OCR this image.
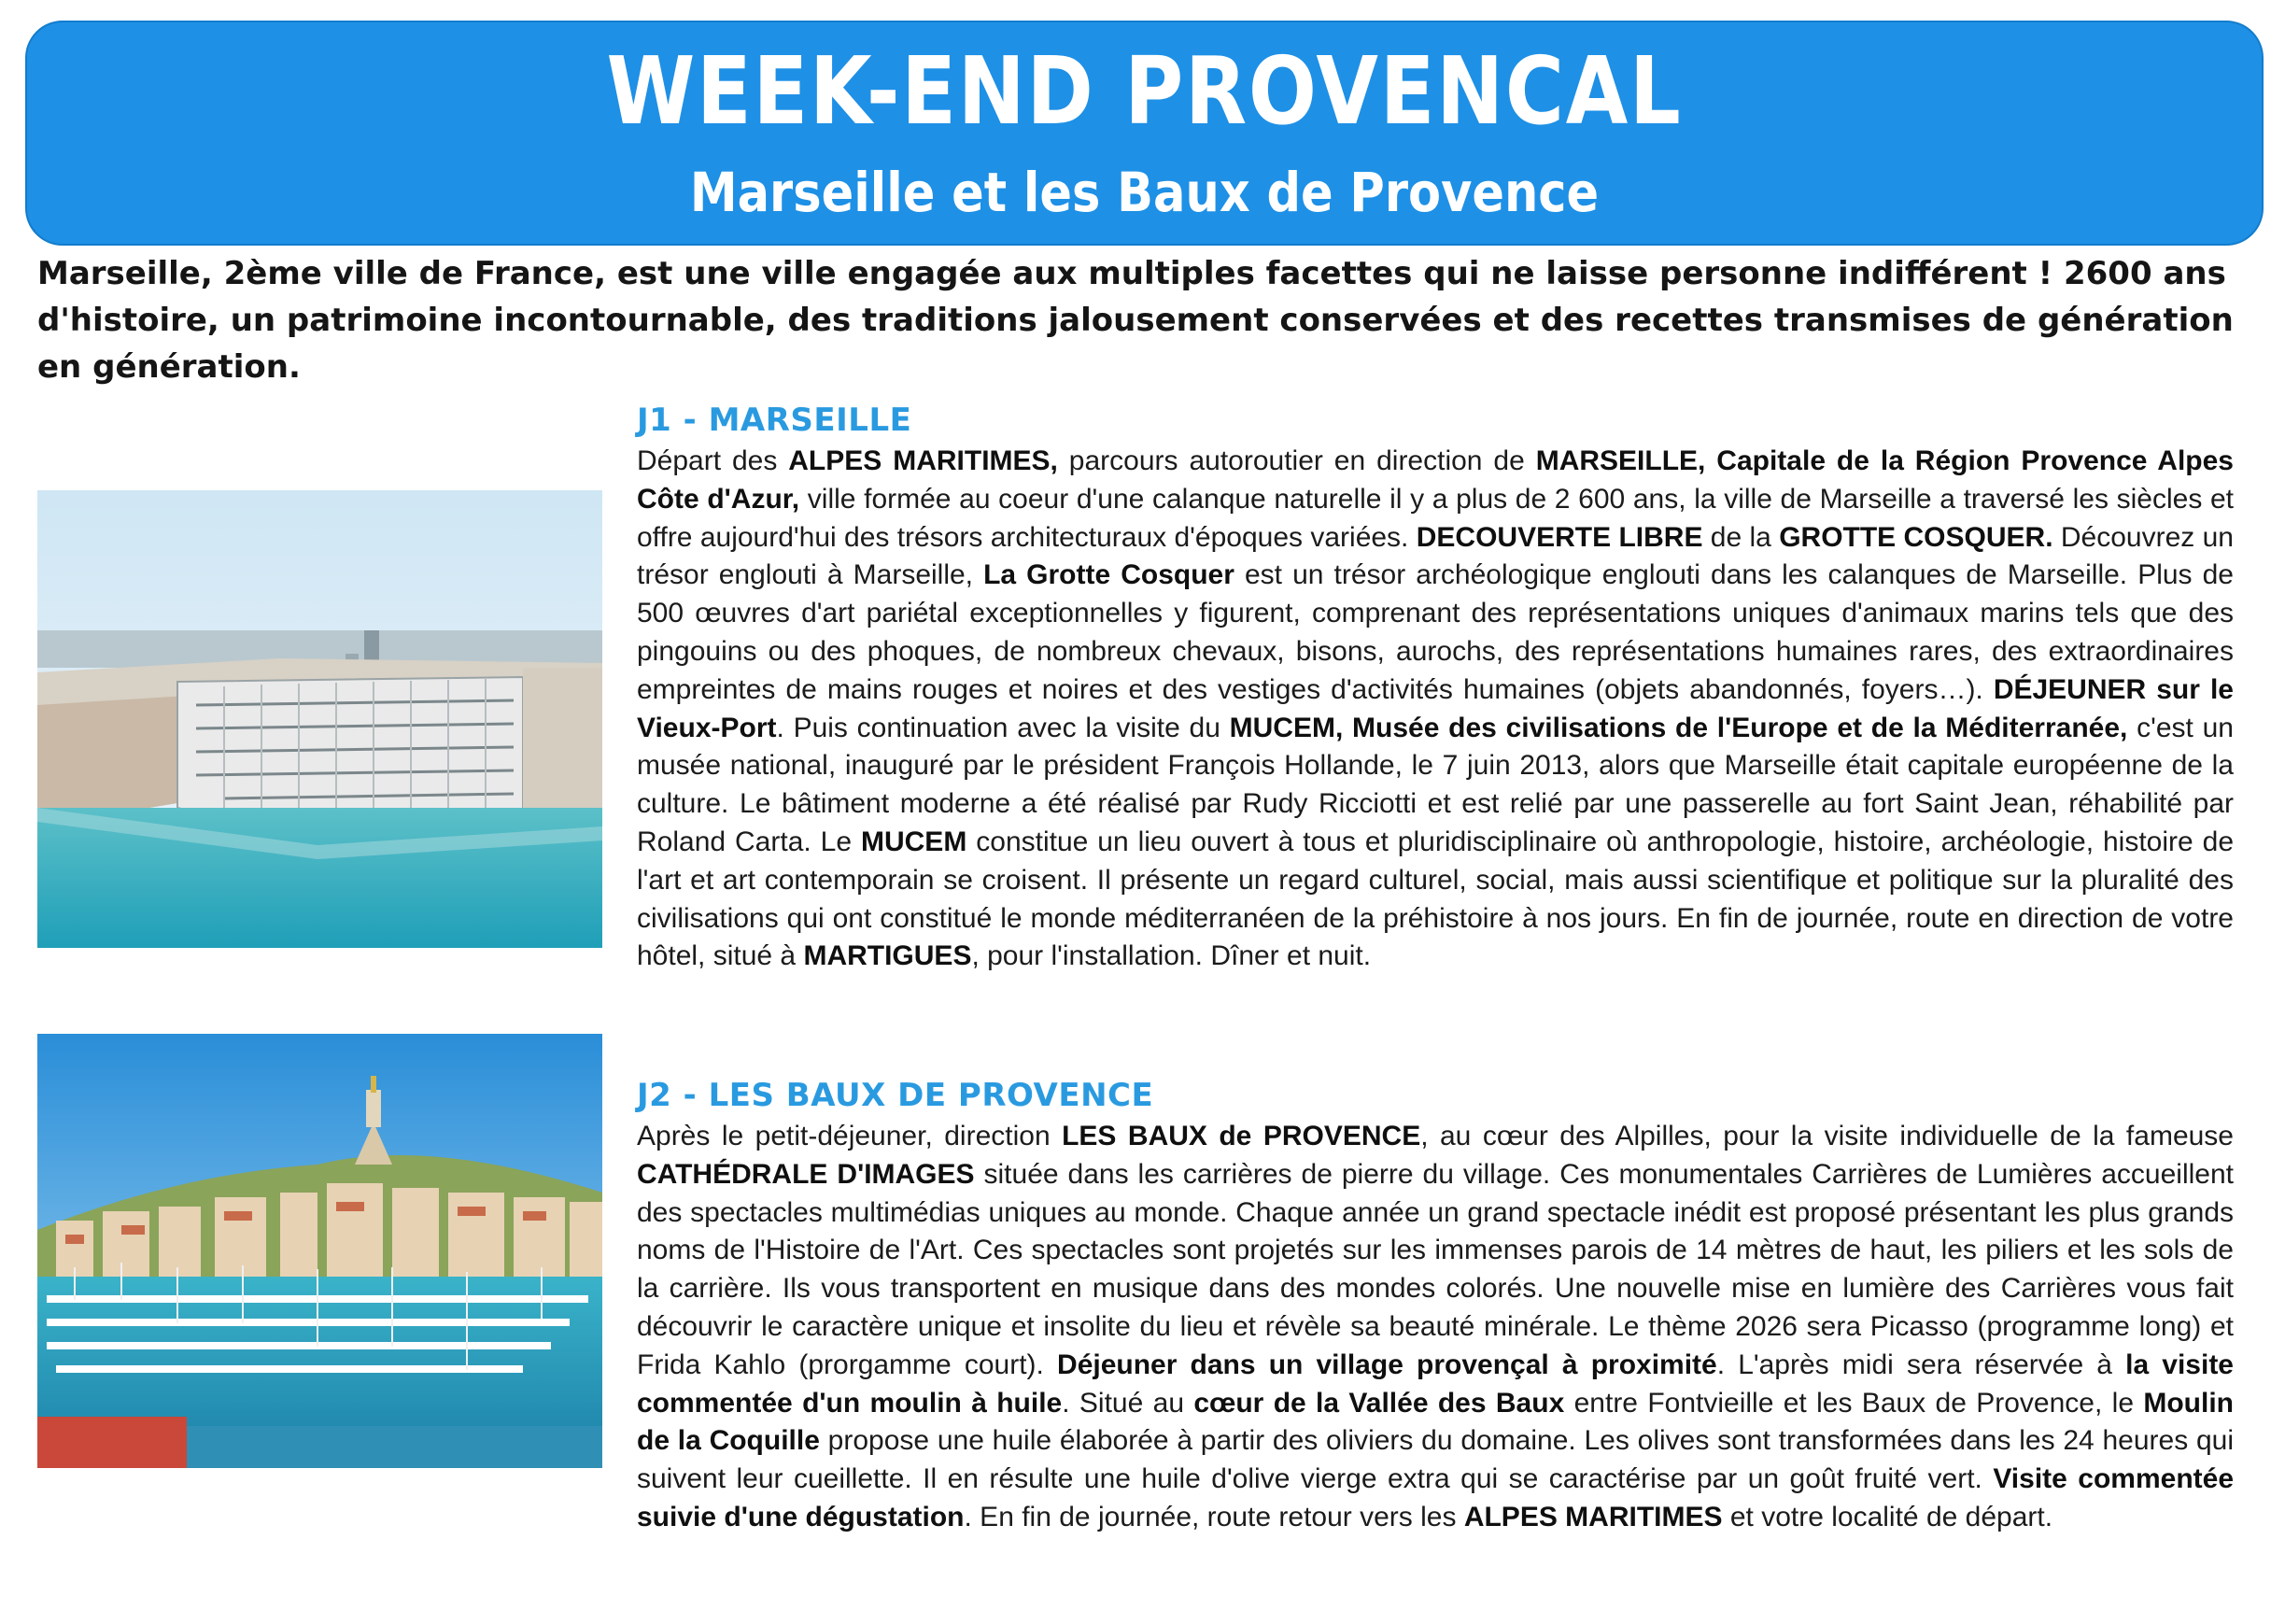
WEEK-END PROVENCAL
Marseille et les Baux de Provence
Marseille, 2ème ville de France, est une ville engagée aux multiples facettes qui ne laisse personne indifférent ! 2600 ans d'histoire, un patrimoine incontournable, des traditions jalousement conservées et des recettes transmises de génération en génération.
J1 - MARSEILLE

Départ des ALPES MARITIMES, parcours autoroutier en direction de MARSEILLE, Capitale de la Région Provence Alpes Côte d'Azur, ville formée au coeur d'une calanque naturelle il y a plus de 2 600 ans, la ville de Marseille a traversé les siècles et offre aujourd'hui des trésors architecturaux d'époques variées. DECOUVERTE LIBRE de la GROTTE COSQUER. Découvrez un trésor englouti à Marseille, La Grotte Cosquer est un trésor archéologique englouti dans les calanques de Marseille. Plus de 500 œuvres d'art pariétal exceptionnelles y figurent, comprenant des représentations uniques d'animaux marins tels que des pingouins ou des phoques, de nombreux chevaux, bisons, aurochs, des représentations humaines rares, des extraordinaires empreintes de mains rouges et noires et des vestiges d'activités humaines (objets abandonnés, foyers…). DÉJEUNER sur le Vieux-Port. Puis continuation avec la visite du MUCEM, Musée des civilisations de l'Europe et de la Méditerranée, c'est un musée national, inauguré par le président François Hollande, le 7 juin 2013, alors que Marseille était capitale européenne de la culture. Le bâtiment moderne a été réalisé par Rudy Ricciotti et est relié par une passerelle au fort Saint Jean, réhabilité par Roland Carta. Le MUCEM constitue un lieu ouvert à tous et pluridisciplinaire où anthropologie, histoire, archéologie, histoire de l'art et art contemporain se croisent. Il présente un regard culturel, social, mais aussi scientifique et politique sur la pluralité des civilisations qui ont constitué le monde méditerranéen de la préhistoire à nos jours. En fin de journée, route en direction de votre hôtel, situé à MARTIGUES, pour l'installation. Dîner et nuit.

J2 - LES BAUX DE PROVENCE

Après le petit-déjeuner, direction LES BAUX de PROVENCE, au cœur des Alpilles, pour la visite individuelle de la fameuse CATHÉDRALE D'IMAGES située dans les carrières de pierre du village. Ces monumentales Carrières de Lumières accueillent des spectacles multimédias uniques au monde. Chaque année un grand spectacle inédit est proposé présentant les plus grands noms de l'Histoire de l'Art. Ces spectacles sont projetés sur les immenses parois de 14 mètres de haut, les piliers et les sols de la carrière. Ils vous transportent en musique dans des mondes colorés. Une nouvelle mise en lumière des Carrières vous fait découvrir le caractère unique et insolite du lieu et révèle sa beauté minérale. Le thème 2026 sera Picasso (programme long) et Frida Kahlo (prorgamme court). Déjeuner dans un village provençal à proximité. L'après midi sera réservée à la visite commentée d'un moulin à huile. Situé au cœur de la Vallée des Baux entre Fontvieille et les Baux de Provence, le Moulin de la Coquille propose une huile élaborée à partir des oliviers du domaine. Les olives sont transformées dans les 24 heures qui suivent leur cueillette. Il en résulte une huile d'olive vierge extra qui se caractérise par un goût fruité vert. Visite commentée suivie d'une dégustation. En fin de journée, route retour vers les ALPES MARITIMES et votre localité de départ.
